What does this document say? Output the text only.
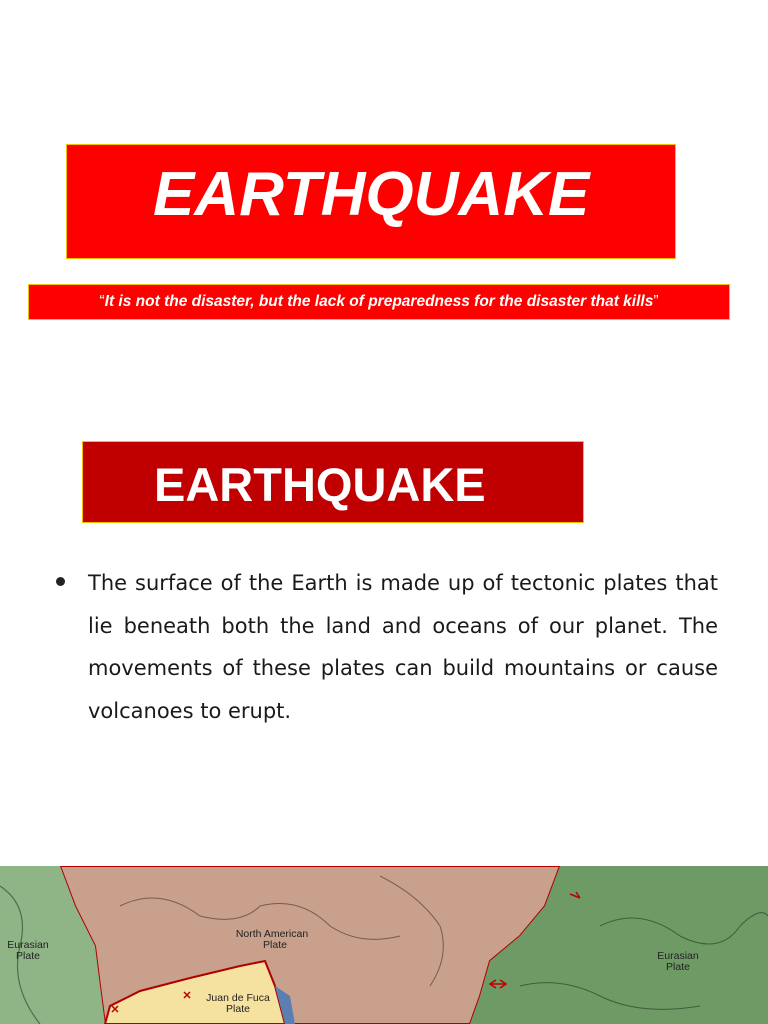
EARTHQUAKE
“ It is not the disaster, but the lack of preparedness for the disaster that kills ”
EARTHQUAKE

The surface of the Earth is made up of tectonic plates that lie beneath both the land and oceans of our planet. The movements of these plates can build mountains or cause volcanoes to erupt.

Eurasian
Plate
North American
Plate
Juan de Fuca
Plate
Eurasian
Plate
